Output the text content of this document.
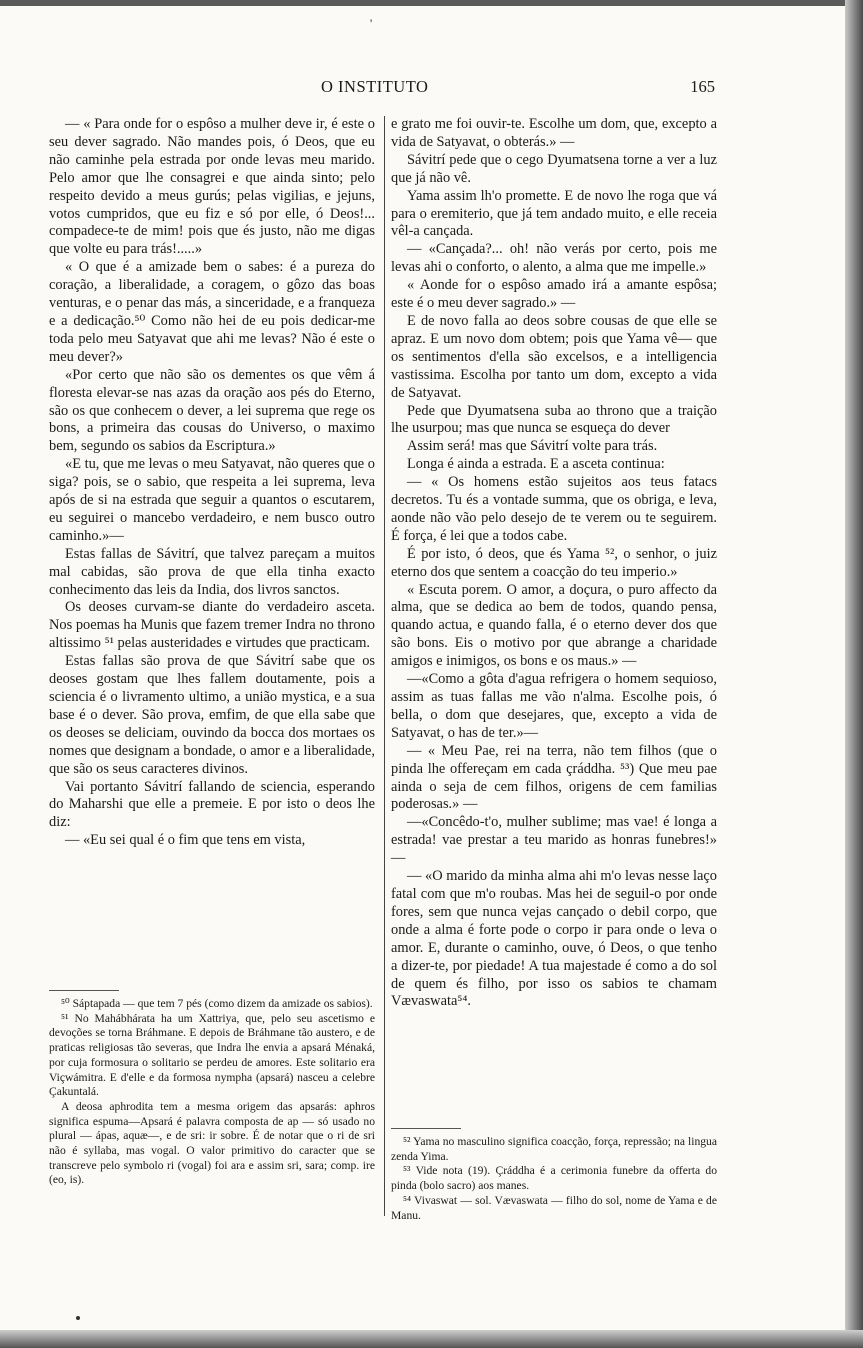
'
O INSTITUTO	165

— « Para onde for o espôso a mulher deve ir, é este o seu dever sagrado. Não mandes pois, ó Deos, que eu não caminhe pela estrada por onde levas meu marido. Pelo amor que lhe consagrei e que ainda sinto; pelo respeito devido a meus gurús; pelas vigilias, e jejuns, votos cumpridos, que eu fiz e só por elle, ó Deos!... compadece-te de mim! pois que és justo, não me digas que volte eu para trás!.....»

« O que é a amizade bem o sabes: é a pureza do coração, a liberalidade, a coragem, o gôzo das boas venturas, e o penar das más, a sinceridade, e a franqueza e a dedicação.⁵⁰ Como não hei de eu pois dedicar-me toda pelo meu Satyavat que ahi me levas? Não é este o meu dever?»

«Por certo que não são os dementes os que vêm á floresta elevar-se nas azas da oração aos pés do Eterno, são os que conhecem o dever, a lei suprema que rege os bons, a primeira das cousas do Universo, o maximo bem, segundo os sabios da Escriptura.»

«E tu, que me levas o meu Satyavat, não queres que o siga? pois, se o sabio, que respeita a lei suprema, leva após de si na estrada que seguir a quantos o escutarem, eu seguirei o mancebo verdadeiro, e nem busco outro caminho.»—

Estas fallas de Sávitrí, que talvez pareçam a muitos mal cabidas, são prova de que ella tinha exacto conhecimento das leis da India, dos livros sanctos.

Os deoses curvam-se diante do verdadeiro asceta. Nos poemas ha Munis que fazem tremer Indra no throno altissimo ⁵¹ pelas austeridades e virtudes que practicam.

Estas fallas são prova de que Sávitrí sabe que os deoses gostam que lhes fallem doutamente, pois a sciencia é o livramento ultimo, a união mystica, e a sua base é o dever. São prova, emfim, de que ella sabe que os deoses se deliciam, ouvindo da bocca dos mortaes os nomes que designam a bondade, o amor e a liberalidade, que são os seus caracteres divinos.

Vai portanto Sávitrí fallando de sciencia, esperando do Maharshi que elle a premeie. E por isto o deos lhe diz:

— «Eu sei qual é o fim que tens em vista,

e grato me foi ouvir-te. Escolhe um dom, que, excepto a vida de Satyavat, o obterás.» —

Sávitrí pede que o cego Dyumatsena torne a ver a luz que já não vê.

Yama assim lh'o promette. E de novo lhe roga que vá para o eremiterio, que já tem andado muito, e elle receia vêl-a cançada.

— «Cançada?... oh! não verás por certo, pois me levas ahi o conforto, o alento, a alma que me impelle.»

« Aonde for o espôso amado irá a amante espôsa; este é o meu dever sagrado.» —

E de novo falla ao deos sobre cousas de que elle se apraz. E um novo dom obtem; pois que Yama vê— que os sentimentos d'ella são excelsos, e a intelligencia vastissima. Escolha por tanto um dom, excepto a vida de Satyavat.

Pede que Dyumatsena suba ao throno que a traição lhe usurpou; mas que nunca se esqueça do dever

Assim será! mas que Sávitrí volte para trás.

Longa é ainda a estrada. E a asceta continua:

— « Os homens estão sujeitos aos teus fatacs decretos. Tu és a vontade summa, que os obriga, e leva, aonde não vão pelo desejo de te verem ou te seguirem. É força, é lei que a todos cabe.

É por isto, ó deos, que és Yama ⁵², o senhor, o juiz eterno dos que sentem a coacção do teu imperio.»

« Escuta porem. O amor, a doçura, o puro affecto da alma, que se dedica ao bem de todos, quando pensa, quando actua, e quando falla, é o eterno dever dos que são bons. Eis o motivo por que abrange a charidade amigos e inimigos, os bons e os maus.» —

—«Como a gôta d'agua refrigera o homem sequioso, assim as tuas fallas me vão n'alma. Escolhe pois, ó bella, o dom que desejares, que, excepto a vida de Satyavat, o has de ter.»—

— « Meu Pae, rei na terra, não tem filhos (que o pinda lhe offereçam em cada çráddha. ⁵³) Que meu pae ainda o seja de cem filhos, origens de cem familias poderosas.» —

—«Concêdo-t'o, mulher sublime; mas vae! é longa a estrada! vae prestar a teu marido as honras funebres!» —

— «O marido da minha alma ahi m'o levas nesse laço fatal com que m'o roubas. Mas hei de seguil-o por onde fores, sem que nunca vejas cançado o debil corpo, que onde a alma é forte pode o corpo ir para onde o leva o amor. E, durante o caminho, ouve, ó Deos, o que tenho a dizer-te, por piedade! A tua majestade é como a do sol de quem és filho, por isso os sabios te chamam Vævaswata⁵⁴.

⁵⁰ Sáptapada — que tem 7 pés (como dizem da amizade os sabios).

⁵¹ No Mahábhárata ha um Xattriya, que, pelo seu ascetismo e devoções se torna Bráhmane. E depois de Bráhmane tão austero, e de praticas religiosas tão severas, que Indra lhe envia a apsará Ménaká, por cuja formosura o solitario se perdeu de amores. Este solitario era Viçwámitra. E d'elle e da formosa nympha (apsará) nasceu a celebre Çakuntalá.

A deosa aphrodita tem a mesma origem das apsarás: aphros significa espuma—Apsará é palavra composta de ap — só usado no plural — ápas, aquæ—, e de sri: ir sobre. É de notar que o ri de sri não é syllaba, mas vogal. O valor primitivo do caracter que se transcreve pelo symbolo ri (vogal) foi ara e assim sri, sara; comp. ire (eo, is).

⁵² Yama no masculino significa coacção, força, repressão; na lingua zenda Yima.

⁵³ Vide nota (19). Çráddha é a cerimonia funebre da offerta do pinda (bolo sacro) aos manes.

⁵⁴ Vivaswat — sol. Vævaswata — filho do sol, nome de Yama e de Manu.
